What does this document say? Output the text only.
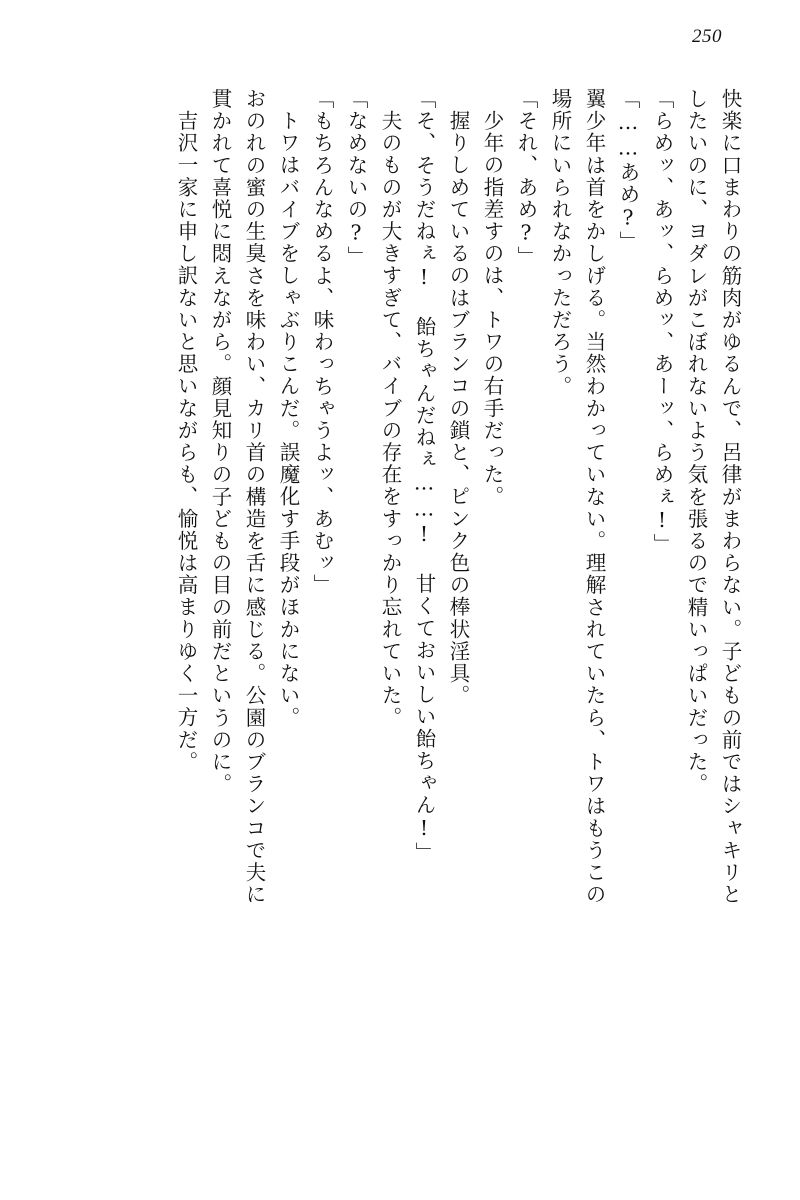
250
快楽に口まわりの筋肉がゆるんで、呂律がまわらない。子どもの前ではシャキリと
したいのに、ヨダレがこぼれないよう気を張るので精いっぱいだった。
「らめッ、あッ、らめッ、あーッ、らめぇ!」
「……あめ?」
翼少年は首をかしげる。当然わかっていない。理解されていたら、トワはもうこの
場所にいられなかっただろう。
「それ、あめ?」
少年の指差すのは、トワの右手だった。
握りしめているのはブランコの鎖と、ピンク色の棒状淫具。
「そ、そうだねぇ! 飴ちゃんだねぇ……! 甘くておいしい飴ちゃん!」
夫のものが大きすぎて、バイブの存在をすっかり忘れていた。
「なめないの?」
「もちろんなめるよ、味わっちゃうよッ、あむッ」
トワはバイブをしゃぶりこんだ。誤魔化す手段がほかにない。
おのれの蜜の生臭さを味わい、カリ首の構造を舌に感じる。公園のブランコで夫に
貫かれて喜悦に悶えながら。顔見知りの子どもの目の前だというのに。
吉沢一家に申し訳ないと思いながらも、愉悦は高まりゆく一方だ。
